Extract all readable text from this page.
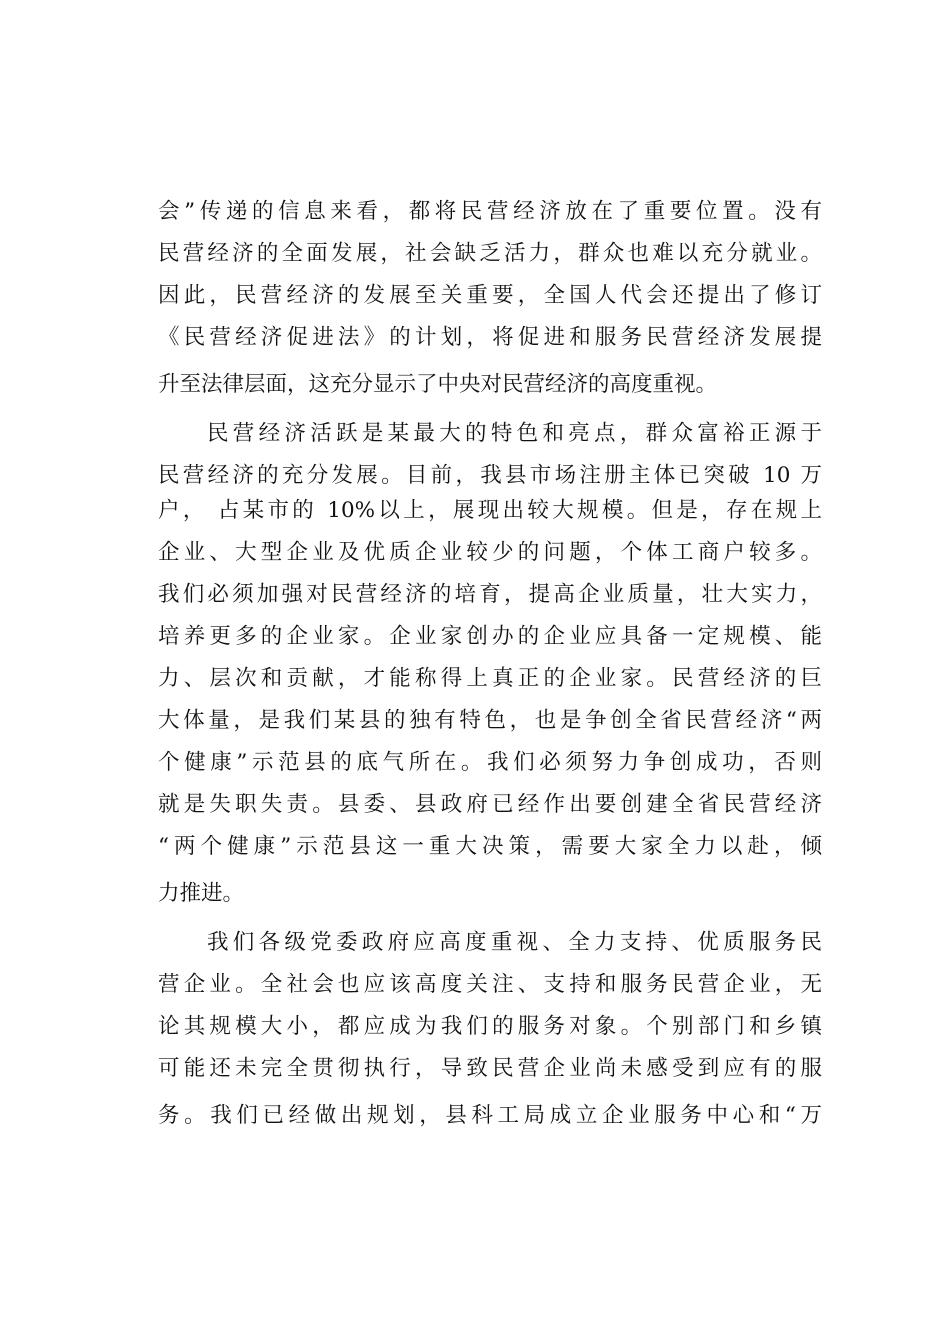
会”传递的信息来看，都将民营经济放在了重要位置。没有
民营经济的全面发展，社会缺乏活力，群众也难以充分就业。
因此，民营经济的发展至关重要，全国人代会还提出了修订
《民营经济促进法》的计划，将促进和服务民营经济发展提
升至法律层面，这充分显示了中央对民营经济的高度重视。
民营经济活跃是某最大的特色和亮点，群众富裕正源于
民营经济的充分发展。目前，我县市场注册主体已突破 10 万
户， 占某市的 10%以上，展现出较大规模。但是，存在规上
企业、大型企业及优质企业较少的问题，个体工商户较多。
我们必须加强对民营经济的培育，提高企业质量，壮大实力，
培养更多的企业家。企业家创办的企业应具备一定规模、能
力、层次和贡献，才能称得上真正的企业家。民营经济的巨
大体量，是我们某县的独有特色，也是争创全省民营经济“两
个健康”示范县的底气所在。我们必须努力争创成功，否则
就是失职失责。县委、县政府已经作出要创建全省民营经济
“两个健康”示范县这一重大决策，需要大家全力以赴，倾
力推进。
我们各级党委政府应高度重视、全力支持、优质服务民
营企业。全社会也应该高度关注、支持和服务民营企业，无
论其规模大小，都应成为我们的服务对象。个别部门和乡镇
可能还未完全贯彻执行，导致民营企业尚未感受到应有的服
务。我们已经做出规划，县科工局成立企业服务中心和“万
